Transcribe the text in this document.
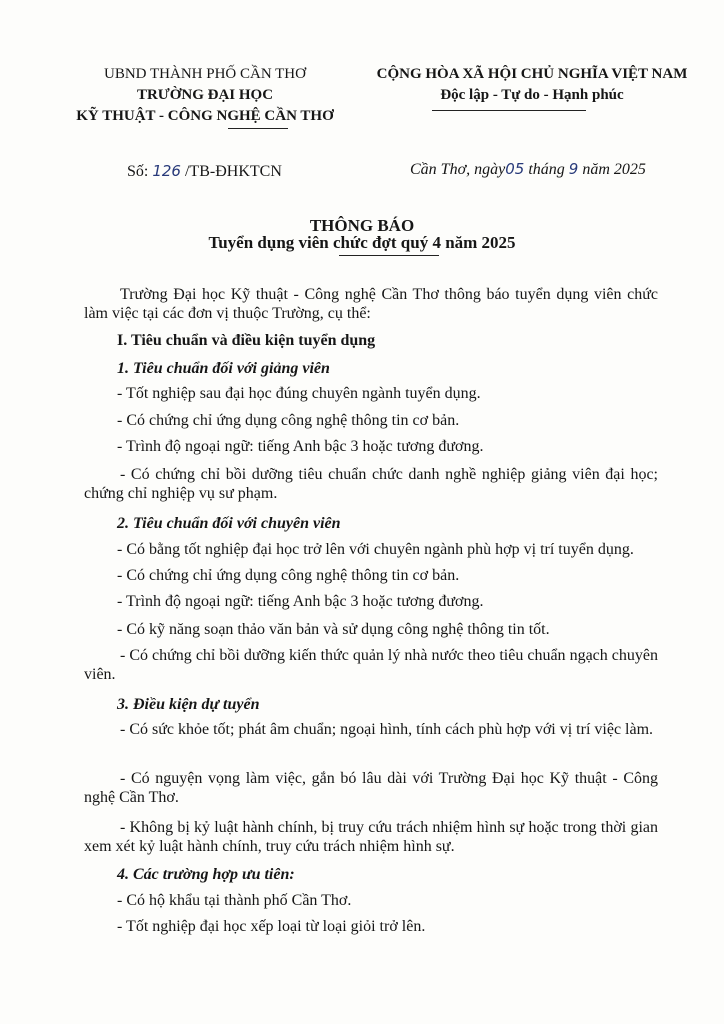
UBND THÀNH PHỐ CẦN THƠ
TRƯỜNG ĐẠI HỌC
KỸ THUẬT - CÔNG NGHỆ CẦN THƠ
CỘNG HÒA XÃ HỘI CHỦ NGHĨA VIỆT NAM
Độc lập - Tự do - Hạnh phúc
Số: 126 /TB-ĐHKTCN	Cần Thơ, ngày05 tháng 9 năm 2025
THÔNG BÁO
Tuyển dụng viên chức đợt quý 4 năm 2025
Trường Đại học Kỹ thuật - Công nghệ Cần Thơ thông báo tuyển dụng viên chức làm việc tại các đơn vị thuộc Trường, cụ thể:
I. Tiêu chuẩn và điều kiện tuyển dụng
1. Tiêu chuẩn đối với giảng viên
- Tốt nghiệp sau đại học đúng chuyên ngành tuyển dụng.
- Có chứng chỉ ứng dụng công nghệ thông tin cơ bản.
- Trình độ ngoại ngữ: tiếng Anh bậc 3 hoặc tương đương.
- Có chứng chỉ bồi dưỡng tiêu chuẩn chức danh nghề nghiệp giảng viên đại học; chứng chỉ nghiệp vụ sư phạm.
2. Tiêu chuẩn đối với chuyên viên
- Có bằng tốt nghiệp đại học trở lên với chuyên ngành phù hợp vị trí tuyển dụng.
- Có chứng chỉ ứng dụng công nghệ thông tin cơ bản.
- Trình độ ngoại ngữ: tiếng Anh bậc 3 hoặc tương đương.
- Có kỹ năng soạn thảo văn bản và sử dụng công nghệ thông tin tốt.
- Có chứng chỉ bồi dưỡng kiến thức quản lý nhà nước theo tiêu chuẩn ngạch chuyên viên.
3. Điều kiện dự tuyển
- Có sức khỏe tốt; phát âm chuẩn; ngoại hình, tính cách phù hợp với vị trí việc làm.
- Có nguyện vọng làm việc, gắn bó lâu dài với Trường Đại học Kỹ thuật - Công nghệ Cần Thơ.
- Không bị kỷ luật hành chính, bị truy cứu trách nhiệm hình sự hoặc trong thời gian xem xét kỷ luật hành chính, truy cứu trách nhiệm hình sự.
4. Các trường hợp ưu tiên:
- Có hộ khẩu tại thành phố Cần Thơ.
- Tốt nghiệp đại học xếp loại từ loại giỏi trở lên.
